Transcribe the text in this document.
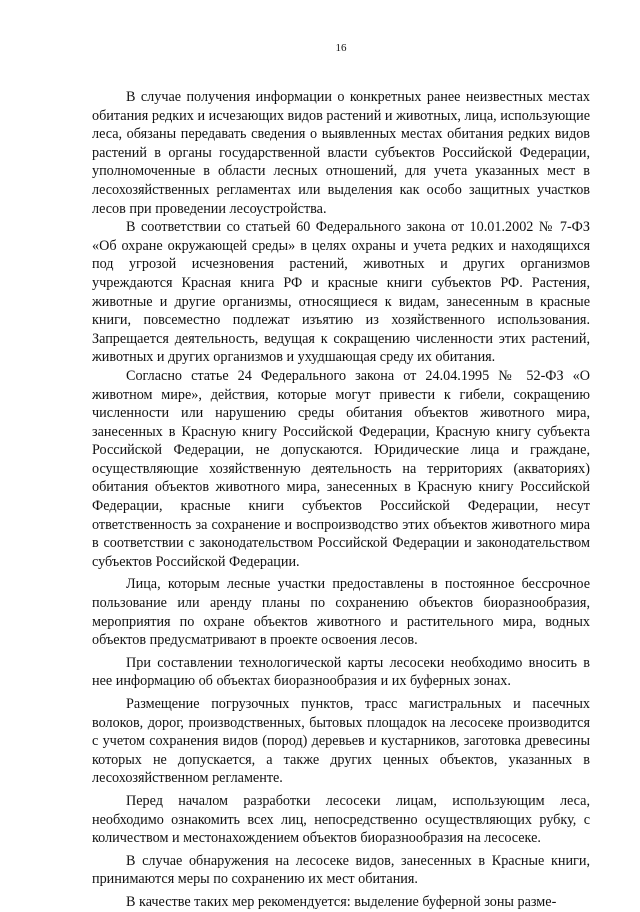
16

В случае получения информации о конкретных ранее неизвестных местах обитания редких и исчезающих видов растений и животных, лица, использующие леса, обязаны передавать сведения о выявленных местах обитания редких видов растений в органы государственной власти субъектов Российской Федерации, уполномоченные в области лесных отношений, для учета указанных мест в лесохозяйственных регламентах или выделения как особо защитных участков лесов при проведении лесоустройства.

В соответствии со статьей 60 Федерального закона от 10.01.2002 № 7-ФЗ «Об охране окружающей среды» в целях охраны и учета редких и находящихся под угрозой исчезновения растений, животных и других организмов учреждаются Красная книга РФ и красные книги субъектов РФ. Растения, животные и другие организмы, относящиеся к видам, занесенным в красные книги, повсеместно подлежат изъятию из хозяйственного использования. Запрещается деятельность, ведущая к сокращению численности этих растений, животных и других организмов и ухудшающая среду их обитания.

Согласно статье 24 Федерального закона от 24.04.1995 № 52-ФЗ «О животном мире», действия, которые могут привести к гибели, сокращению численности или нарушению среды обитания объектов животного мира, занесенных в Красную книгу Российской Федерации, Красную книгу субъекта Российской Федерации, не допускаются. Юридические лица и граждане, осуществляющие хозяйственную деятельность на территориях (акваториях) обитания объектов животного мира, занесенных в Красную книгу Российской Федерации, красные книги субъектов Российской Федерации, несут ответственность за сохранение и воспроизводство этих объектов животного мира в соответствии с законодательством Российской Федерации и законодательством субъектов Российской Федерации.

Лица, которым лесные участки предоставлены в постоянное бессрочное пользование или аренду планы по сохранению объектов биоразнообразия, мероприятия по охране объектов животного и растительного мира, водных объектов предусматривают в проекте освоения лесов.

При составлении технологической карты лесосеки необходимо вносить в нее информацию об объектах биоразнообразия и их буферных зонах.

Размещение погрузочных пунктов, трасс магистральных и пасечных волоков, дорог, производственных, бытовых площадок на лесосеке производится с учетом сохранения видов (пород) деревьев и кустарников, заготовка древесины которых не допускается, а также других ценных объектов, указанных в лесохозяйственном регламенте.

Перед началом разработки лесосеки лицам, использующим леса, необходимо ознакомить всех лиц, непосредственно осуществляющих рубку, с количеством и местонахождением объектов биоразнообразия на лесосеке.

В случае обнаружения на лесосеке видов, занесенных в Красные книги, принимаются меры по сохранению их мест обитания.

В качестве таких мер рекомендуется: выделение буферной зоны разме-
